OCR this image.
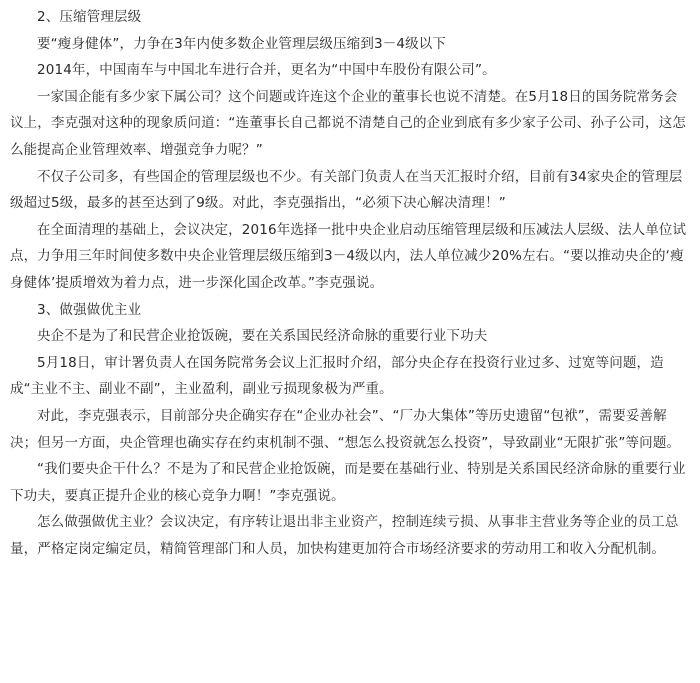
2、压缩管理层级
要“瘦身健体”，力争在3年内使多数企业管理层级压缩到3－4级以下
2014年，中国南车与中国北车进行合并，更名为“中国中车股份有限公司”。
一家国企能有多少家下属公司？这个问题或许连这个企业的董事长也说不清楚。在5月18日的国务院常务会议上，李克强对这种的现象质问道：“连董事长自己都说不清楚自己的企业到底有多少家子公司、孙子公司，这怎么能提高企业管理效率、增强竞争力呢？”
不仅子公司多，有些国企的管理层级也不少。有关部门负责人在当天汇报时介绍，目前有34家央企的管理层级超过5级，最多的甚至达到了9级。对此，李克强指出，“必须下决心解决清理！”
在全面清理的基础上，会议决定，2016年选择一批中央企业启动压缩管理层级和压减法人层级、法人单位试点，力争用三年时间使多数中央企业管理层级压缩到3－4级以内，法人单位减少20%左右。“要以推动央企的‘瘦身健体’提质增效为着力点，进一步深化国企改革。”李克强说。
3、做强做优主业
央企不是为了和民营企业抢饭碗，要在关系国民经济命脉的重要行业下功夫
5月18日，审计署负责人在国务院常务会议上汇报时介绍，部分央企存在投资行业过多、过宽等问题，造成“主业不主、副业不副”，主业盈利，副业亏损现象极为严重。
对此，李克强表示，目前部分央企确实存在“企业办社会”、“厂办大集体”等历史遗留“包袱”，需要妥善解决；但另一方面，央企管理也确实存在约束机制不强、“想怎么投资就怎么投资”，导致副业“无限扩张”等问题。
“我们要央企干什么？不是为了和民营企业抢饭碗，而是要在基础行业、特别是关系国民经济命脉的重要行业下功夫，要真正提升企业的核心竞争力啊！”李克强说。
怎么做强做优主业？会议决定，有序转让退出非主业资产，控制连续亏损、从事非主营业务等企业的员工总量，严格定岗定编定员，精简管理部门和人员，加快构建更加符合市场经济要求的劳动用工和收入分配机制。
